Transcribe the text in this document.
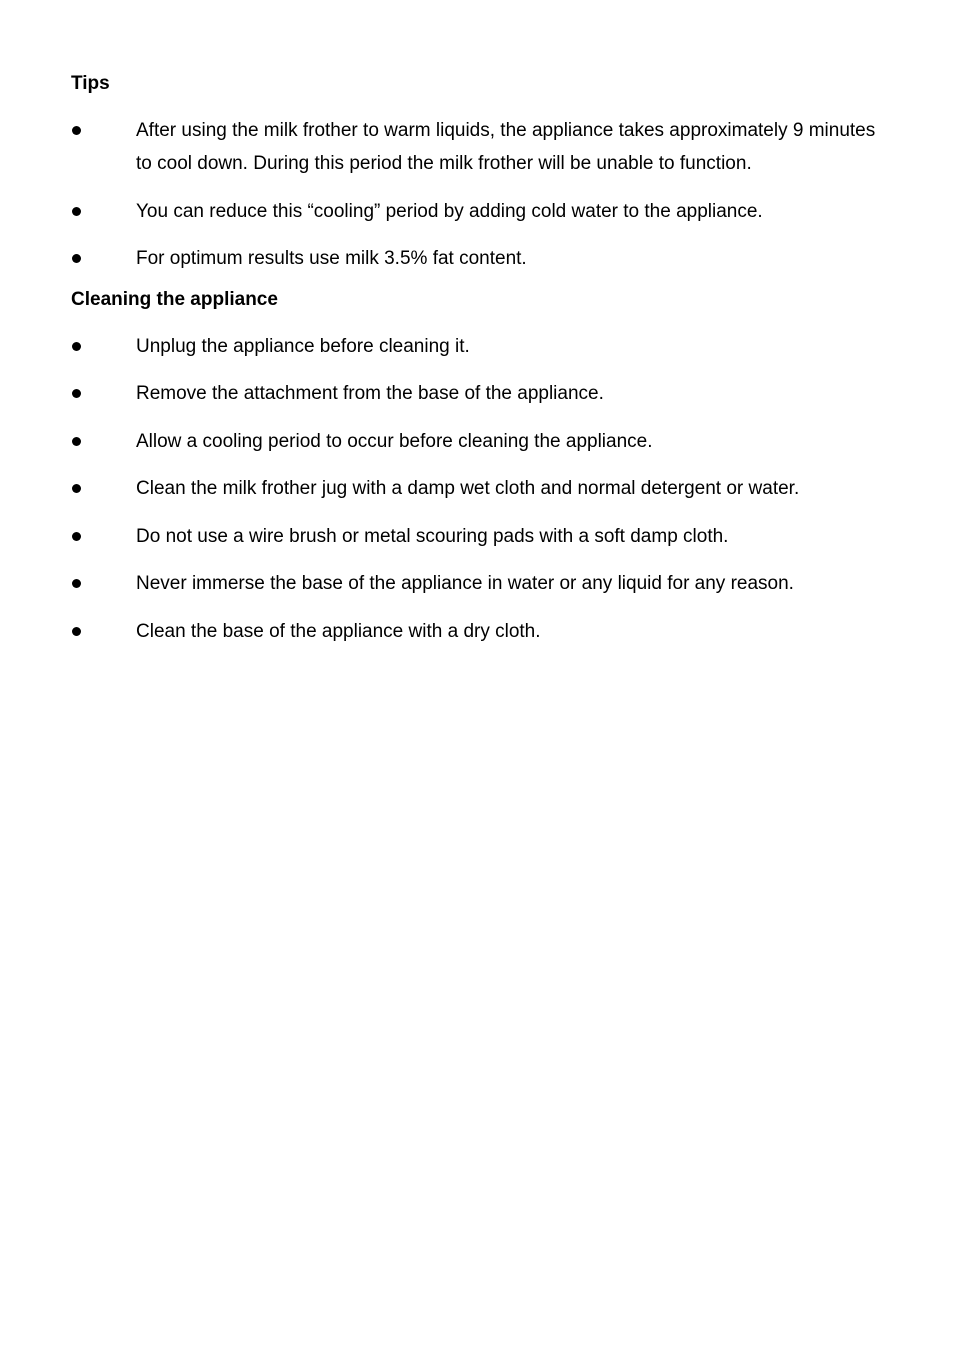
Tips
After using the milk frother to warm liquids, the appliance takes approximately 9 minutes to cool down. During this period the milk frother will be unable to function.
You can reduce this “cooling” period by adding cold water to the appliance.
For optimum results use milk 3.5% fat content.
Cleaning the appliance
Unplug the appliance before cleaning it.
Remove the attachment from the base of the appliance.
Allow a cooling period to occur before cleaning the appliance.
Clean the milk frother jug with a damp wet cloth and normal detergent or water.
Do not use a wire brush or metal scouring pads with a soft damp cloth.
Never immerse the base of the appliance in water or any liquid for any reason.
Clean the base of the appliance with a dry cloth.
